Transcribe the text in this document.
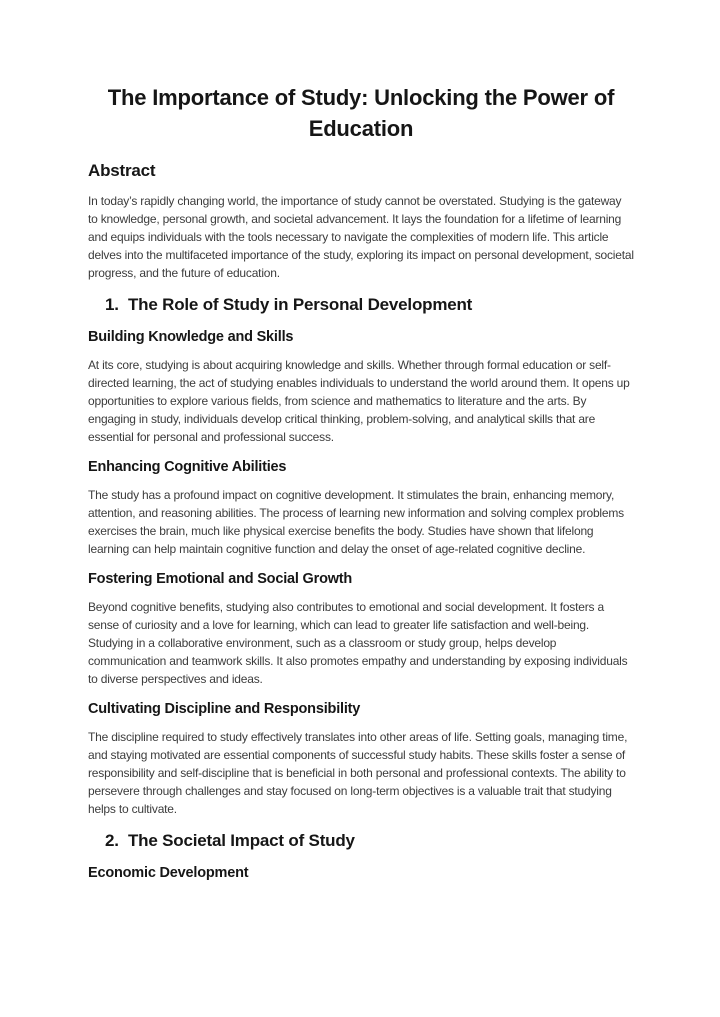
The Importance of Study: Unlocking the Power of Education
Abstract

In today’s rapidly changing world, the importance of study cannot be overstated. Studying is the gateway to knowledge, personal growth, and societal advancement. It lays the foundation for a lifetime of learning and equips individuals with the tools necessary to navigate the complexities of modern life. This article delves into the multifaceted importance of the study, exploring its impact on personal development, societal progress, and the future of education.

1. The Role of Study in Personal Development
Building Knowledge and Skills

At its core, studying is about acquiring knowledge and skills. Whether through formal education or self-directed learning, the act of studying enables individuals to understand the world around them. It opens up opportunities to explore various fields, from science and mathematics to literature and the arts. By engaging in study, individuals develop critical thinking, problem-solving, and analytical skills that are essential for personal and professional success.

Enhancing Cognitive Abilities

The study has a profound impact on cognitive development. It stimulates the brain, enhancing memory, attention, and reasoning abilities. The process of learning new information and solving complex problems exercises the brain, much like physical exercise benefits the body. Studies have shown that lifelong learning can help maintain cognitive function and delay the onset of age-related cognitive decline.

Fostering Emotional and Social Growth

Beyond cognitive benefits, studying also contributes to emotional and social development. It fosters a sense of curiosity and a love for learning, which can lead to greater life satisfaction and well-being. Studying in a collaborative environment, such as a classroom or study group, helps develop communication and teamwork skills. It also promotes empathy and understanding by exposing individuals to diverse perspectives and ideas.

Cultivating Discipline and Responsibility

The discipline required to study effectively translates into other areas of life. Setting goals, managing time, and staying motivated are essential components of successful study habits. These skills foster a sense of responsibility and self-discipline that is beneficial in both personal and professional contexts. The ability to persevere through challenges and stay focused on long-term objectives is a valuable trait that studying helps to cultivate.

2. The Societal Impact of Study
Economic Development
